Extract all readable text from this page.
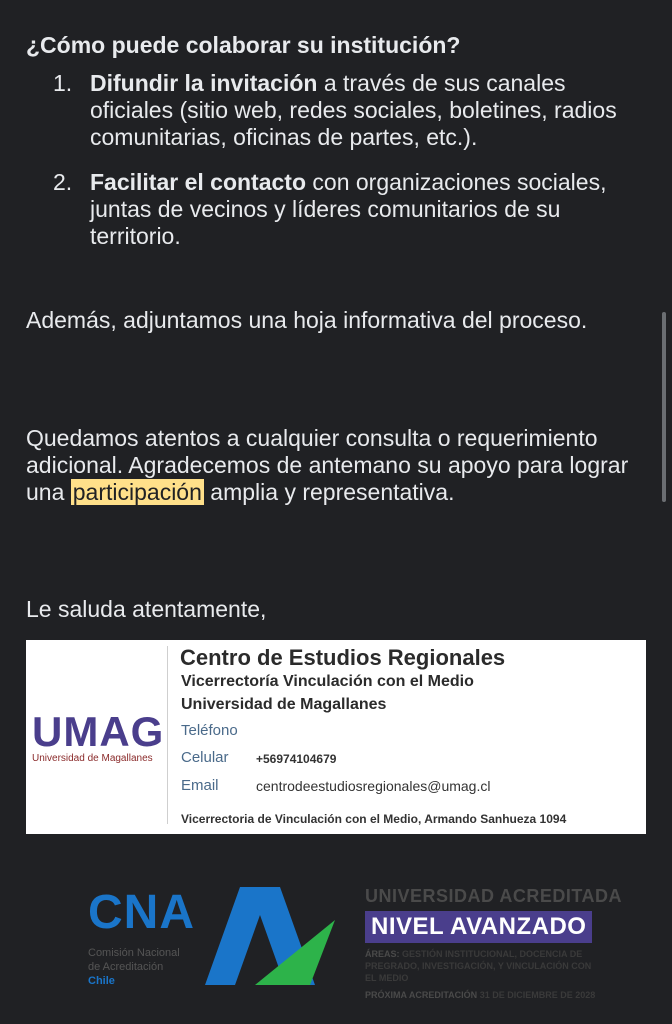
¿Cómo puede colaborar su institución?
1. Difundir la invitación a través de sus canales oficiales (sitio web, redes sociales, boletines, radios comunitarias, oficinas de partes, etc.).
2. Facilitar el contacto con organizaciones sociales, juntas de vecinos y líderes comunitarios de su territorio.

Además, adjuntamos una hoja informativa del proceso.

Quedamos atentos a cualquier consulta o requerimiento adicional. Agradecemos de antemano su apoyo para lograr una participación amplia y representativa.

Le saluda atentamente,

UMAG
Universidad de Magallanes
Centro de Estudios Regionales
Vicerrectoría Vinculación con el Medio
Universidad de Magallanes
Teléfono
Celular +56974104679
Email	centrodeestudiosregionales@umag.cl
Vicerrectoria de Vinculación con el Medio, Armando Sanhueza 1094
CNA
Comisión Nacional
de Acreditación
Chile
UNIVERSIDAD ACREDITADA
NIVEL AVANZADO
ÁREAS: GESTIÓN INSTITUCIONAL, DOCENCIA DE PREGRADO, INVESTIGACIÓN, Y VINCULACIÓN CON EL MEDIO
PRÓXIMA ACREDITACIÓN 31 DE DICIEMBRE DE 2028
